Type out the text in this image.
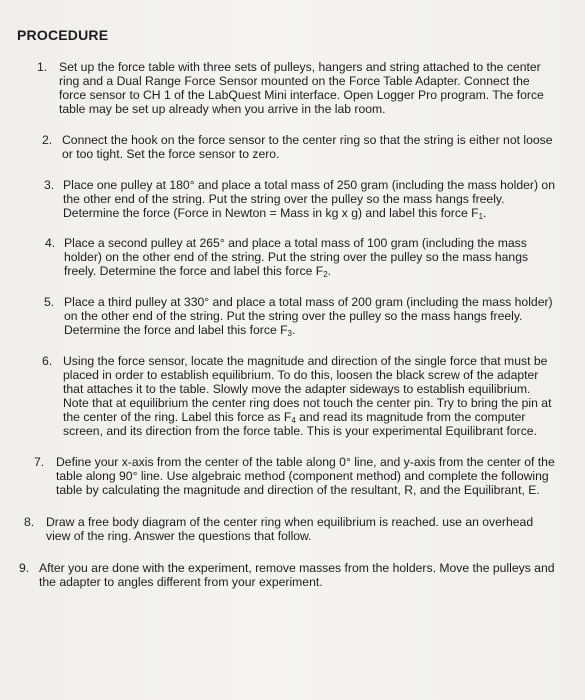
PROCEDURE
1. Set up the force table with three sets of pulleys, hangers and string attached to the center ring and a Dual Range Force Sensor mounted on the Force Table Adapter. Connect the force sensor to CH 1 of the LabQuest Mini interface. Open Logger Pro program. The force table may be set up already when you arrive in the lab room.
2. Connect the hook on the force sensor to the center ring so that the string is either not loose or too tight. Set the force sensor to zero.
3. Place one pulley at 180° and place a total mass of 250 gram (including the mass holder) on the other end of the string. Put the string over the pulley so the mass hangs freely. Determine the force (Force in Newton = Mass in kg x g) and label this force $F_1$.
4. Place a second pulley at 265° and place a total mass of 100 gram (including the mass holder) on the other end of the string. Put the string over the pulley so the mass hangs freely. Determine the force and label this force $F_2$.
5. Place a third pulley at 330° and place a total mass of 200 gram (including the mass holder) on the other end of the string. Put the string over the pulley so the mass hangs freely. Determine the force and label this force $F_3$.
6. Using the force sensor, locate the magnitude and direction of the single force that must be placed in order to establish equilibrium. To do this, loosen the black screw of the adapter that attaches it to the table. Slowly move the adapter sideways to establish equilibrium. Note that at equilibrium the center ring does not touch the center pin. Try to bring the pin at the center of the ring. Label this force as $F_4$ and read its magnitude from the computer screen, and its direction from the force table. This is your experimental Equilibrant force.
7. Define your x-axis from the center of the table along 0° line, and y-axis from the center of the table along 90° line. Use algebraic method (component method) and complete the following table by calculating the magnitude and direction of the resultant, R, and the Equilibrant, E.
8. Draw a free body diagram of the center ring when equilibrium is reached. use an overhead view of the ring. Answer the questions that follow.
9. After you are done with the experiment, remove masses from the holders. Move the pulleys and the adapter to angles different from your experiment.
